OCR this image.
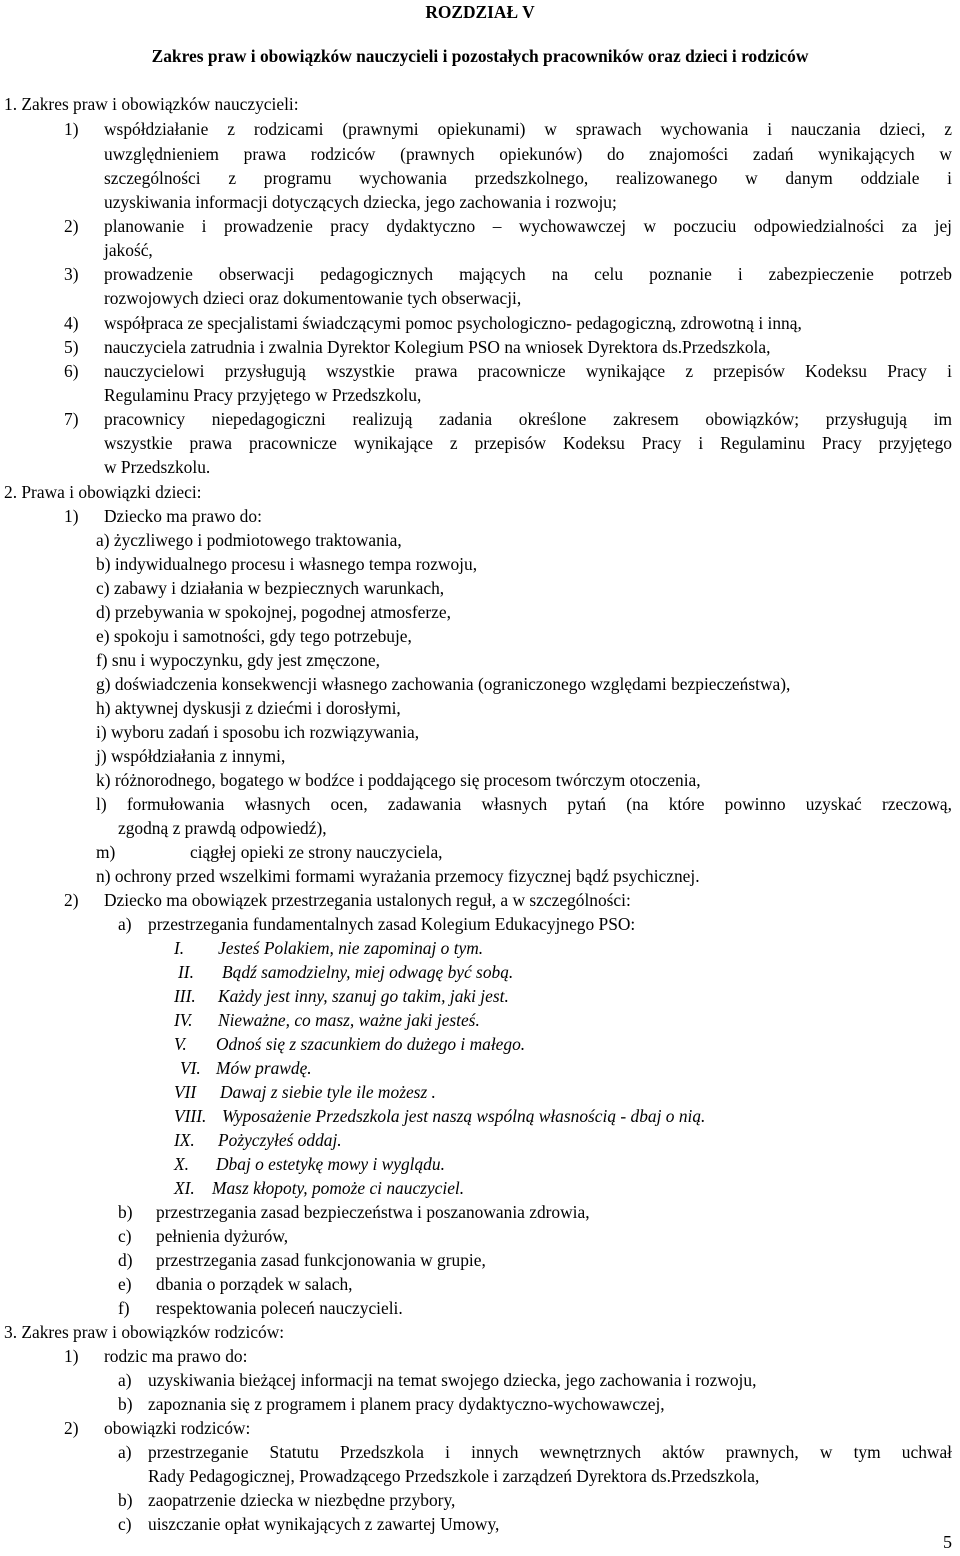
ROZDZIAŁ V
Zakres praw i obowiązków nauczycieli i pozostałych pracowników oraz dzieci i rodziców
1. Zakres praw i obowiązków nauczycieli:
1) współdziałanie z rodzicami (prawnymi opiekunami) w sprawach wychowania i nauczania dzieci, z
uwzględnieniem prawa rodziców (prawnych opiekunów) do znajomości zadań wynikających w
szczególności z programu wychowania przedszkolnego, realizowanego w danym oddziale i
uzyskiwania informacji dotyczących dziecka, jego zachowania i rozwoju;
2) planowanie i prowadzenie pracy dydaktyczno – wychowawczej w poczuciu odpowiedzialności za jej
jakość,
3) prowadzenie obserwacji pedagogicznych mających na celu poznanie i zabezpieczenie potrzeb
rozwojowych dzieci oraz dokumentowanie tych obserwacji,
4) współpraca ze specjalistami świadczącymi pomoc psychologiczno- pedagogiczną, zdrowotną i inną,
5) nauczyciela zatrudnia i zwalnia Dyrektor Kolegium PSO na wniosek Dyrektora ds.Przedszkola,
6) nauczycielowi przysługują wszystkie prawa pracownicze wynikające z przepisów Kodeksu Pracy i
Regulaminu Pracy przyjętego w Przedszkolu,
7) pracownicy niepedagogiczni realizują zadania określone zakresem obowiązków; przysługują im
wszystkie prawa pracownicze wynikające z przepisów Kodeksu Pracy i Regulaminu Pracy przyjętego
w Przedszkolu.
2. Prawa i obowiązki dzieci:
1) Dziecko ma prawo do:
a) życzliwego i podmiotowego traktowania,
b) indywidualnego procesu i własnego tempa rozwoju,
c) zabawy i działania w bezpiecznych warunkach,
d) przebywania w spokojnej, pogodnej atmosferze,
e) spokoju i samotności, gdy tego potrzebuje,
f) snu i wypoczynku, gdy jest zmęczone,
g) doświadczenia konsekwencji własnego zachowania (ograniczonego względami bezpieczeństwa),
h) aktywnej dyskusji z dziećmi i dorosłymi,
i) wyboru zadań i sposobu ich rozwiązywania,
j) współdziałania z innymi,
k) różnorodnego, bogatego w bodźce i poddającego się procesom twórczym otoczenia,
l) formułowania własnych ocen, zadawania własnych pytań (na które powinno uzyskać rzeczową,
zgodną z prawdą odpowiedź),
m)	ciągłej opieki ze strony nauczyciela,
n) ochrony przed wszelkimi formami wyrażania przemocy fizycznej bądź psychicznej.
2) Dziecko ma obowiązek przestrzegania ustalonych reguł, a w szczególności:
a) przestrzegania fundamentalnych zasad Kolegium Edukacyjnego PSO:
I. Jesteś Polakiem, nie zapominaj o tym.
II. Bądź samodzielny, miej odwagę być sobą.
III. Każdy jest inny, szanuj go takim, jaki jest.
IV. Nieważne, co masz, ważne jaki jesteś.
V. Odnoś się z szacunkiem do dużego i małego.
VI. Mów prawdę.
VII Dawaj z siebie tyle ile możesz .
VIII. Wyposażenie Przedszkola jest naszą wspólną własnością - dbaj o nią.
IX. Pożyczyłeś oddaj.
X. Dbaj o estetykę mowy i wyglądu.
XI. Masz kłopoty, pomoże ci nauczyciel.
b) przestrzegania zasad bezpieczeństwa i poszanowania zdrowia,
c) pełnienia dyżurów,
d) przestrzegania zasad funkcjonowania w grupie,
e) dbania o porządek w salach,
f) respektowania poleceń nauczycieli.
3. Zakres praw i obowiązków rodziców:
1) rodzic ma prawo do:
a) uzyskiwania bieżącej informacji na temat swojego dziecka, jego zachowania i rozwoju,
b) zapoznania się z programem i planem pracy dydaktyczno-wychowawczej,
2) obowiązki rodziców:
a) przestrzeganie Statutu Przedszkola i innych wewnętrznych aktów prawnych, w tym uchwał
Rady Pedagogicznej, Prowadzącego Przedszkole i zarządzeń Dyrektora ds.Przedszkola,
b) zaopatrzenie dziecka w niezbędne przybory,
c) uiszczanie opłat wynikających z zawartej Umowy,
5
